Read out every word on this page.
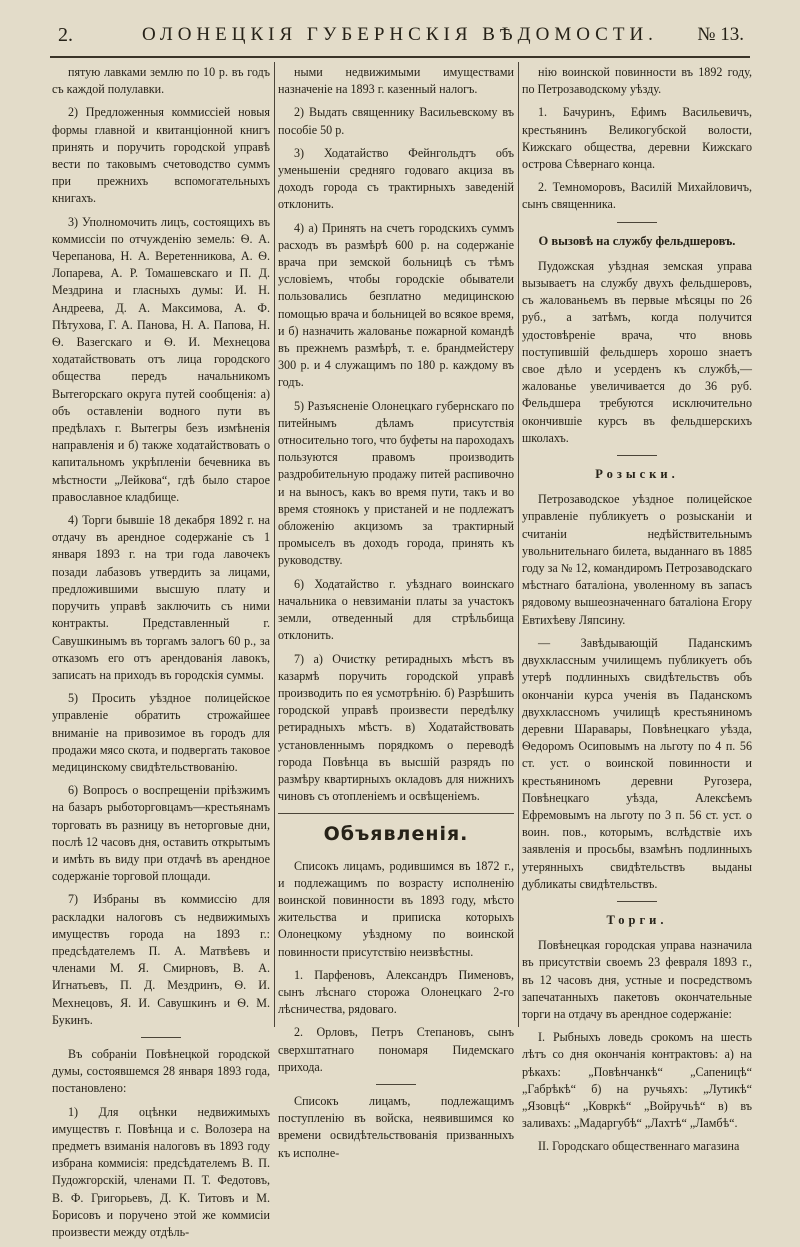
2.	ОЛОНЕЦКІЯ ГУБЕРНСКІЯ ВѢДОМОСТИ.	№ 13.

пятую лавками землю по 10 р. въ годъ съ каждой полулавки.

2) Предложенныя коммиссіей новыя формы главной и квитанціонной книгъ принять и поручить городской управѣ вести по таковымъ счетоводство суммъ при прежнихъ вспомогательныхъ книгахъ.

3) Уполномочить лицъ, состоящихъ въ коммиссіи по отчужденію земель: Ѳ. А. Черепанова, Н. А. Веретенникова, А. Ѳ. Лопарева, А. Р. Томашевскаго и П. Д. Мездрина и гласныхъ думы: И. Н. Андреева, Д. А. Максимова, А. Ф. Пѣтухова, Г. А. Панова, Н. А. Папова, Н. Ѳ. Вазегскаго и Ѳ. И. Мехнецова ходатайствовать отъ лица городского общества передъ начальникомъ Вытегорскаго округа путей сообщенія: а) объ оставленіи водного пути въ предѣлахъ г. Вытегры безъ измѣненія направленія и б) также ходатайствовать о капитальномъ укрѣпленіи бечевника въ мѣстности „Лейкова“, гдѣ было старое православное кладбище.

4) Торги бывшіе 18 декабря 1892 г. на отдачу въ арендное содержаніе съ 1 января 1893 г. на три года лавочекъ позади лабазовъ утвердить за лицами, предложившими высшую плату и поручить управѣ заключить съ ними контракты. Представленный г. Савушкинымъ въ торгамъ залогъ 60 р., за отказомъ его отъ арендованія лавокъ, записать на приходъ въ городскія суммы.

5) Просить уѣздное полицейское управленіе обратить строжайшее вниманіе на привозимое въ городъ для продажи мясо скота, и подвергать таковое медицинскому свидѣтельствованію.

6) Вопросъ о воспрещеніи пріѣзжимъ на базаръ рыботорговцамъ—крестьянамъ торговать въ разницу въ неторговые дни, послѣ 12 часовъ дня, оставить открытымъ и имѣть въ виду при отдачѣ въ арендное содержаніе торговой площади.

7) Избраны въ коммиссію для раскладки налоговъ съ недвижимыхъ имуществъ города на 1893 г.: предсѣдателемъ П. А. Матвѣевъ и членами М. Я. Смирновъ, В. А. Игнатьевъ, П. Д. Мездринъ, Ѳ. И. Мехнецовъ, Я. И. Савушкинъ и Ѳ. М. Букинъ.

Въ собраніи Повѣнецкой городской думы, состоявшемся 28 января 1893 года, постановлено:

1) Для оцѣнки недвижимыхъ имуществъ г. Повѣнца и с. Волозера на предметъ взиманія налоговъ въ 1893 году избрана коммисія: предсѣдателемъ В. П. Пудожгорскій, членами П. Т. Федотовъ, В. Ф. Григорьевъ, Д. К. Титовъ и М. Борисовъ и поручено этой же коммисіи произвести между отдѣль-

ными недвижимыми имуществами назначеніе на 1893 г. казенный налогъ.

2) Выдать священнику Васильевскому въ пособіе 50 р.

3) Ходатайство Фейнгольдтъ объ уменьшеніи средняго годоваго акциза въ доходъ города съ трактирныхъ заведеній отклонить.

4) а) Принять на счетъ городскихъ суммъ расходъ въ размѣрѣ 600 р. на содержаніе врача при земской больницѣ съ тѣмъ условіемъ, чтобы городскіе обыватели пользовались безплатно медицинскою помощью врача и больницей во всякое время, и б) назначить жалованье пожарной командѣ въ прежнемъ размѣрѣ, т. е. брандмейстеру 300 р. и 4 служащимъ по 180 р. каждому въ годъ.

5) Разъясненіе Олонецкаго губернскаго по питейнымъ дѣламъ присутствія относительно того, что буфеты на пароходахъ пользуются правомъ производить раздробительную продажу питей распивочно и на выносъ, какъ во время пути, такъ и во время стоянокъ у пристаней и не подлежатъ обложенію акцизомъ за трактирный промыселъ въ доходъ города, принять къ руководству.

6) Ходатайство г. уѣзднаго воинскаго начальника о невзиманіи платы за участокъ земли, отведенный для стрѣльбища отклонить.

7) а) Очистку ретирадныхъ мѣстъ въ казармѣ поручить городской управѣ производить по ея усмотрѣнію. б) Разрѣшить городской управѣ произвести передѣлку ретирадныхъ мѣстъ. в) Ходатайствовать установленнымъ порядкомъ о переводѣ города Повѣнца въ высшій разрядъ по размѣру квартирныхъ окладовъ для нижнихъ чиновъ съ отопленіемъ и освѣщеніемъ.

Объявленія.

Списокъ лицамъ, родившимся въ 1872 г., и подлежащимъ по возрасту исполненію воинской повинности въ 1893 году, мѣсто жительства и приписка которыхъ Олонецкому уѣздному по воинской повинности присутствію неизвѣстны.

1. Парфеновъ, Александръ Пименовъ, сынъ лѣснаго сторожа Олонецкаго 2-го лѣсничества, рядоваго.

2. Орловъ, Петръ Степановъ, сынъ сверхштатнаго пономаря Пидемскаго прихода.

Списокъ лицамъ, подлежащимъ поступленію въ войска, неявившимся ко времени освидѣтельствованія призванныхъ къ исполне-

нію воинской повинности въ 1892 году, по Петрозаводскому уѣзду.

1. Бачуринъ, Ефимъ Васильевичъ, крестьянинъ Великогубской волости, Кижскаго общества, деревни Кижскаго острова Сѣвернаго конца.

2. Темноморовъ, Василій Михайловичъ, сынъ священника.

О вызовѣ на службу фельдшеровъ.

Пудожская уѣздная земская управа вызываетъ на службу двухъ фельдшеровъ, съ жалованьемъ въ первые мѣсяцы по 26 руб., а затѣмъ, когда получится удостовѣреніе врача, что вновь поступившій фельдшеръ хорошо знаетъ свое дѣло и усерденъ къ службѣ,—жалованье увеличивается до 36 руб. Фельдшера требуются исключительно окончившіе курсъ въ фельдшерскихъ школахъ.

Розыски.

Петрозаводское уѣздное полицейское управленіе публикуетъ о розысканіи и считаніи недѣйствительнымъ увольнительнаго билета, выданнаго въ 1885 году за № 12, командиромъ Петрозаводскаго мѣстнаго баталіона, уволенному въ запасъ рядовому вышеозначеннаго баталіона Егору Евтихѣеву Ляпсину.

— Завѣдывающій Паданскимъ двухклассным училищемъ публикуетъ объ утерѣ подлинныхъ свидѣтельствъ объ окончаніи курса ученія въ Паданскомъ двухклассномъ училищѣ крестьяниномъ деревни Шаравары, Повѣнецкаго уѣзда, Ѳедоромъ Осиповымъ на льготу по 4 п. 56 ст. уст. о воинской повинности и крестьяниномъ деревни Ругозера, Повѣнецкаго уѣзда, Алексѣемъ Ефремовымъ на льготу по 3 п. 56 ст. уст. о воин. пов., которымъ, вслѣдствіе ихъ заявленія и просьбы, взамѣнъ подлинныхъ утерянныхъ свидѣтельствъ выданы дубликаты свидѣтельствъ.

Торги.

Повѣнецкая городская управа назначила въ присутствіи своемъ 23 февраля 1893 г., въ 12 часовъ дня, устные и посредствомъ запечатанныхъ пакетовъ окончательные торги на отдачу въ арендное содержаніе:

I. Рыбныхъ ловедь срокомъ на шесть лѣтъ со дня окончанія контрактовъ: а) на рѣкахъ: „Повѣнчанкѣ“ „Сапеницѣ“ „Габрѣкѣ“ б) на ручьяхъ: „Лутикѣ“ „Язовцѣ“ „Ковркѣ“ „Войручьѣ“ в) въ заливахъ: „Мадаргубѣ“ „Лахтѣ“ „Ламбѣ“.

II. Городскаго общественнаго магазина
